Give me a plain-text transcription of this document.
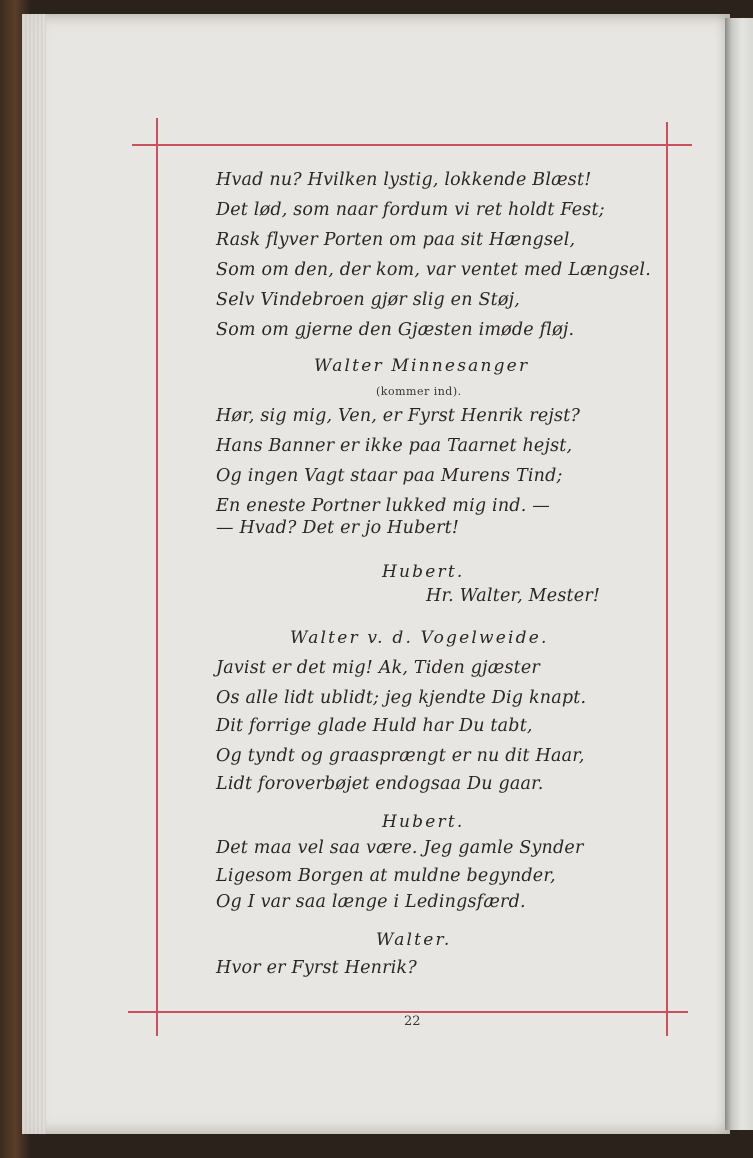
Hvad nu? Hvilken lystig, lokkende Blæst!
Det lød, som naar fordum vi ret holdt Fest;
Rask flyver Porten om paa sit Hængsel,
Som om den, der kom, var ventet med Længsel.
Selv Vindebroen gjør slig en Støj,
Som om gjerne den Gjæsten imøde fløj.
Walter Minnesanger
(kommer ind).
Hør, sig mig, Ven, er Fyrst Henrik rejst?
Hans Banner er ikke paa Taarnet hejst,
Og ingen Vagt staar paa Murens Tind;
En eneste Portner lukked mig ind. —
— Hvad? Det er jo Hubert!
Hubert.
Hr. Walter, Mester!
Walter v. d. Vogelweide.
Javist er det mig! Ak, Tiden gjæster
Os alle lidt ublidt; jeg kjendte Dig knapt.
Dit forrige glade Huld har Du tabt,
Og tyndt og graasprængt er nu dit Haar,
Lidt foroverbøjet endogsaa Du gaar.
Hubert.
Det maa vel saa være. Jeg gamle Synder
Ligesom Borgen at muldne begynder,
Og I var saa længe i Ledingsfærd.
Walter.
Hvor er Fyrst Henrik?
22
